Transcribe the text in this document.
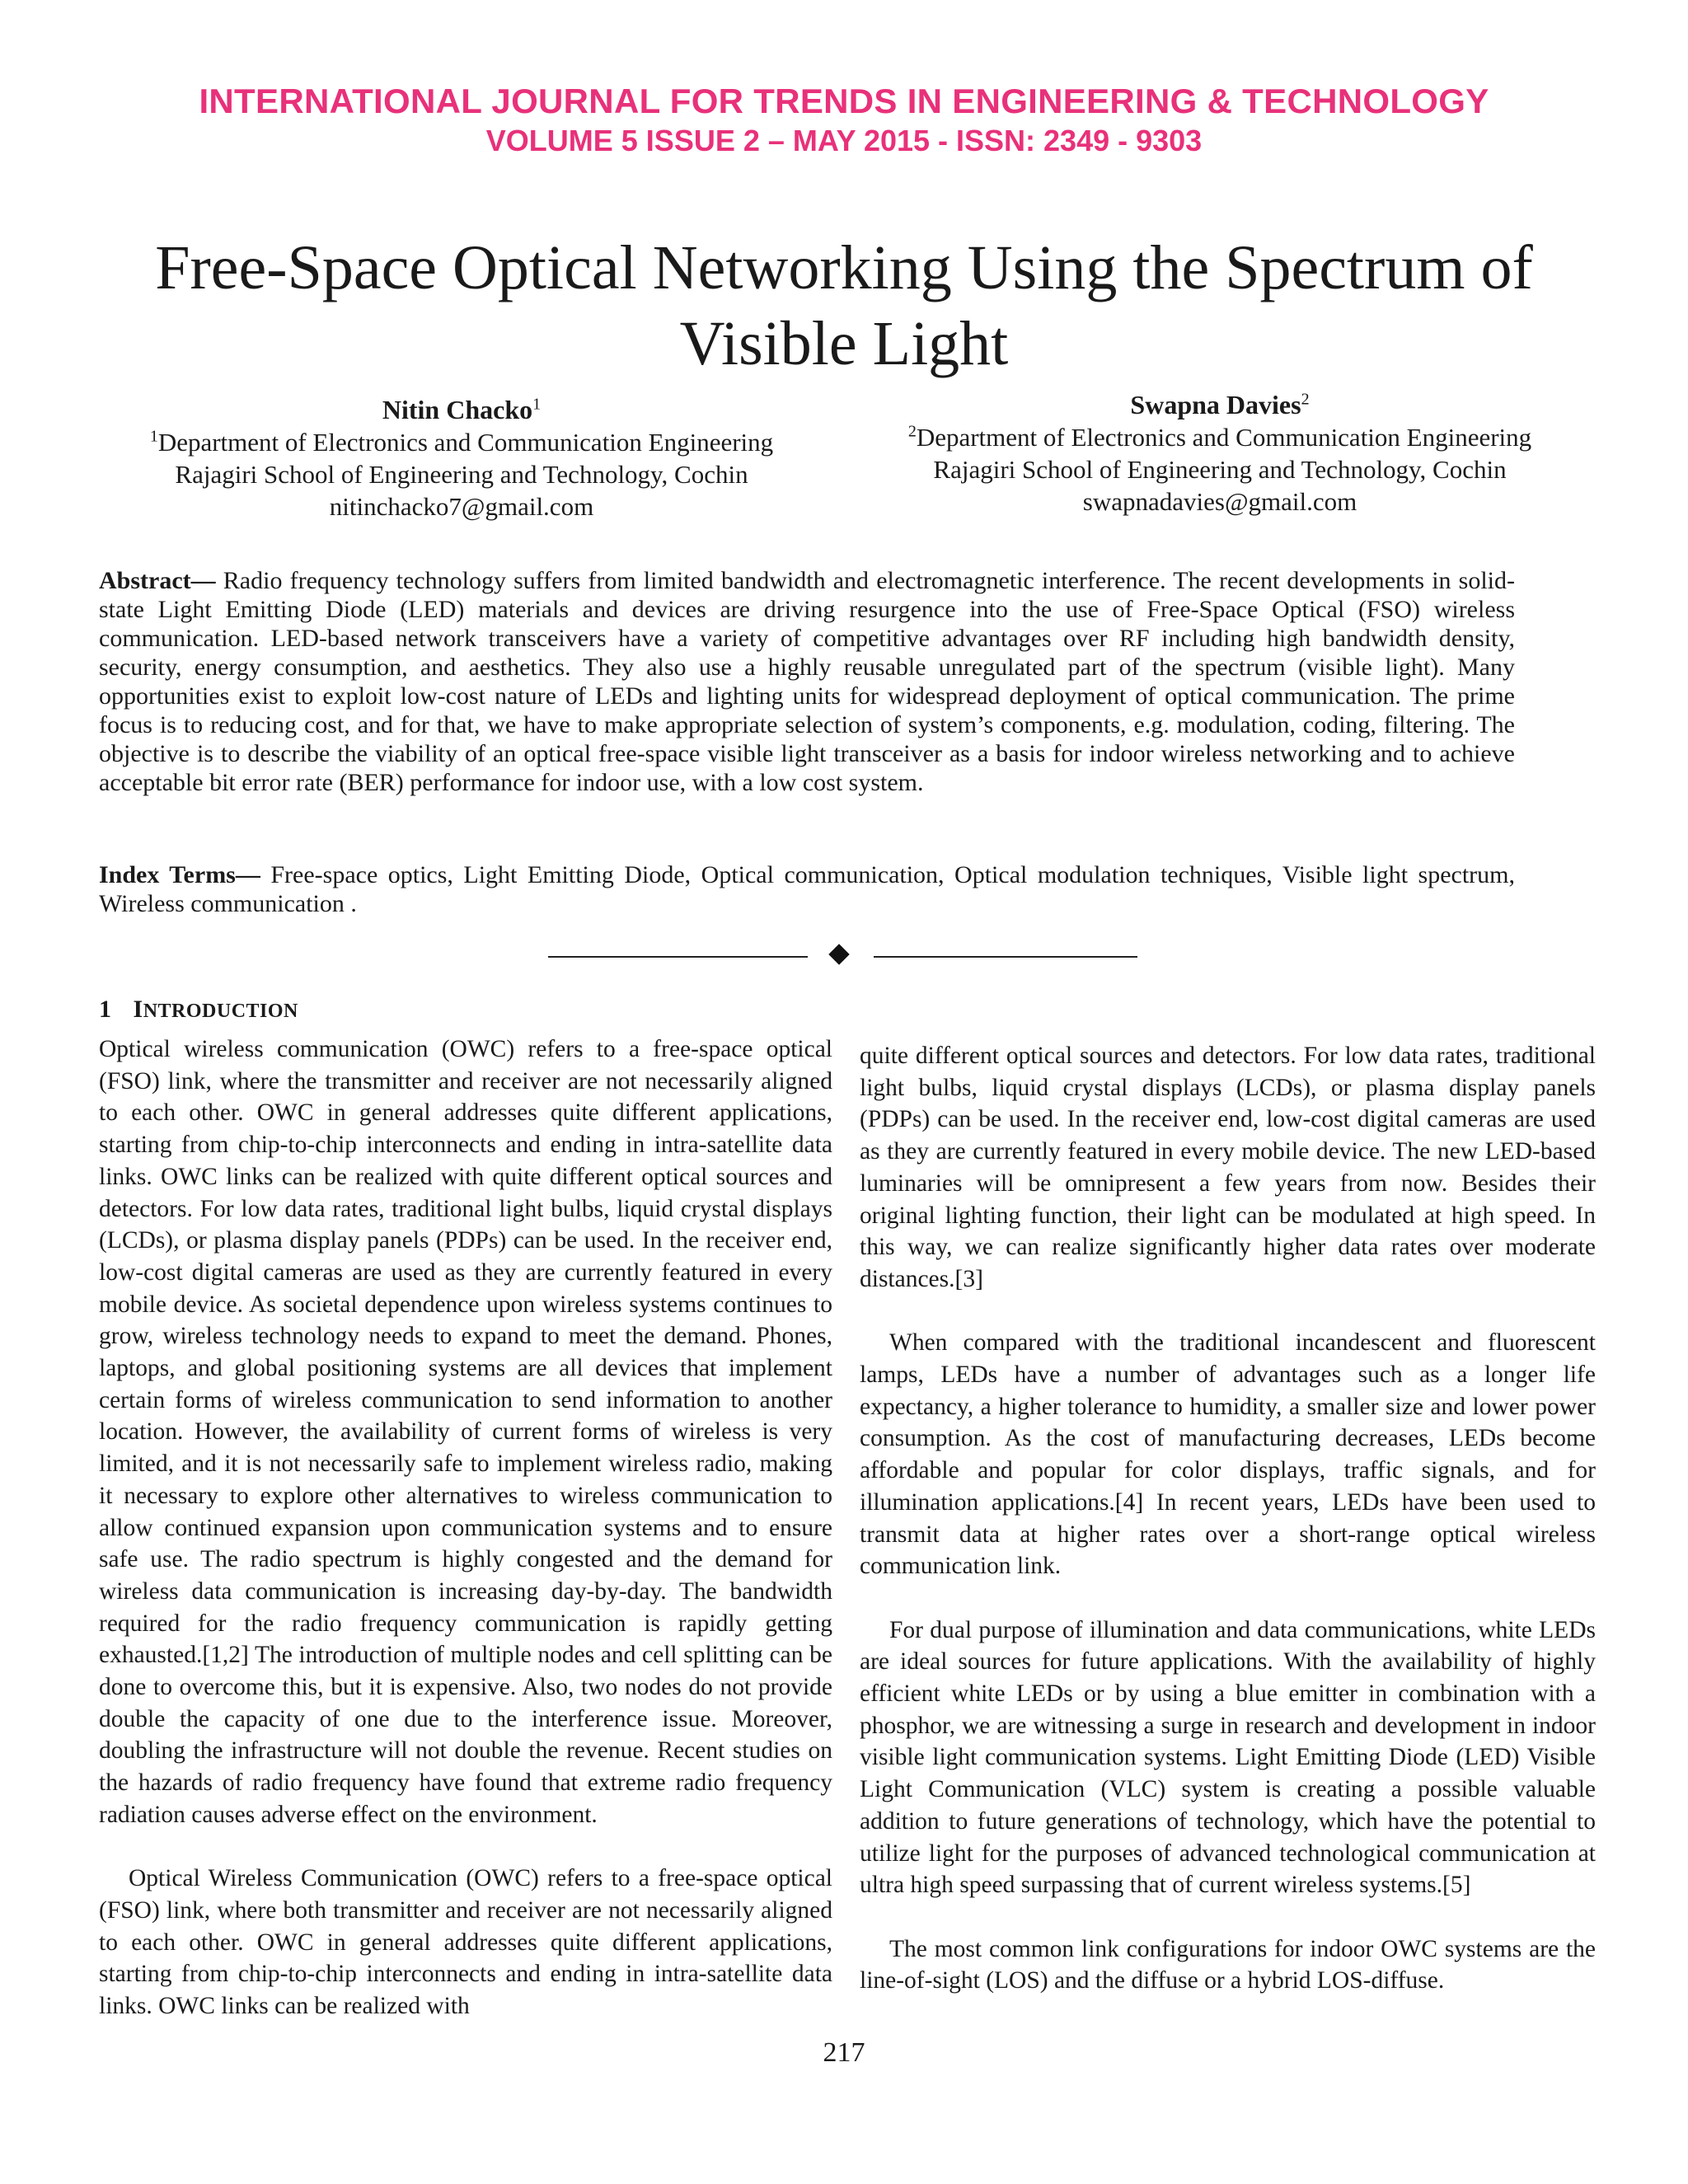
INTERNATIONAL JOURNAL FOR TRENDS IN ENGINEERING & TECHNOLOGY
VOLUME 5 ISSUE 2 – MAY 2015 - ISSN: 2349 - 9303
Free-Space Optical Networking Using the Spectrum of Visible Light
Nitin Chacko$^1$
$^1$Department of Electronics and Communication Engineering
Rajagiri School of Engineering and Technology, Cochin
nitinchacko7@gmail.com
Swapna Davies$^2$
$^2$Department of Electronics and Communication Engineering
Rajagiri School of Engineering and Technology, Cochin
swapnadavies@gmail.com
Abstract— Radio frequency technology suffers from limited bandwidth and electromagnetic interference. The recent developments in solid-state Light Emitting Diode (LED) materials and devices are driving resurgence into the use of Free-Space Optical (FSO) wireless communication. LED-based network transceivers have a variety of competitive advantages over RF including high bandwidth density, security, energy consumption, and aesthetics. They also use a highly reusable unregulated part of the spectrum (visible light). Many opportunities exist to exploit low-cost nature of LEDs and lighting units for widespread deployment of optical communication. The prime focus is to reducing cost, and for that, we have to make appropriate selection of system’s components, e.g. modulation, coding, filtering. The objective is to describe the viability of an optical free-space visible light transceiver as a basis for indoor wireless networking and to achieve acceptable bit error rate (BER) performance for indoor use, with a low cost system.
Index Terms— Free-space optics, Light Emitting Diode, Optical communication, Optical modulation techniques, Visible light spectrum, Wireless communication .
1 INTRODUCTION

Optical wireless communication (OWC) refers to a free-space optical (FSO) link, where the transmitter and receiver are not necessarily aligned to each other. OWC in general addresses quite different applications, starting from chip-to-chip interconnects and ending in intra-satellite data links. OWC links can be realized with quite different optical sources and detectors. For low data rates, traditional light bulbs, liquid crystal displays (LCDs), or plasma display panels (PDPs) can be used. In the receiver end, low-cost digital cameras are used as they are currently featured in every mobile device. As societal dependence upon wireless systems continues to grow, wireless technology needs to expand to meet the demand. Phones, laptops, and global positioning systems are all devices that implement certain forms of wireless communication to send information to another location. However, the availability of current forms of wireless is very limited, and it is not necessarily safe to implement wireless radio, making it necessary to explore other alternatives to wireless communication to allow continued expansion upon communication systems and to ensure safe use. The radio spectrum is highly congested and the demand for wireless data communication is increasing day-by-day. The bandwidth required for the radio frequency communication is rapidly getting exhausted.[1,2] The introduction of multiple nodes and cell splitting can be done to overcome this, but it is expensive. Also, two nodes do not provide double the capacity of one due to the interference issue. Moreover, doubling the infrastructure will not double the revenue. Recent studies on the hazards of radio frequency have found that extreme radio frequency radiation causes adverse effect on the environment.

Optical Wireless Communication (OWC) refers to a free-space optical (FSO) link, where both transmitter and receiver are not necessarily aligned to each other. OWC in general addresses quite different applications, starting from chip-to-chip interconnects and ending in intra-satellite data links. OWC links can be realized with

quite different optical sources and detectors. For low data rates, traditional light bulbs, liquid crystal displays (LCDs), or plasma display panels (PDPs) can be used. In the receiver end, low-cost digital cameras are used as they are currently featured in every mobile device. The new LED-based luminaries will be omnipresent a few years from now. Besides their original lighting function, their light can be modulated at high speed. In this way, we can realize significantly higher data rates over moderate distances.[3]

When compared with the traditional incandescent and fluorescent lamps, LEDs have a number of advantages such as a longer life expectancy, a higher tolerance to humidity, a smaller size and lower power consumption. As the cost of manufacturing decreases, LEDs become affordable and popular for color displays, traffic signals, and for illumination applications.[4] In recent years, LEDs have been used to transmit data at higher rates over a short-range optical wireless communication link.

For dual purpose of illumination and data communications, white LEDs are ideal sources for future applications. With the availability of highly efficient white LEDs or by using a blue emitter in combination with a phosphor, we are witnessing a surge in research and development in indoor visible light communication systems. Light Emitting Diode (LED) Visible Light Communication (VLC) system is creating a possible valuable addition to future generations of technology, which have the potential to utilize light for the purposes of advanced technological communication at ultra high speed surpassing that of current wireless systems.[5]

The most common link configurations for indoor OWC systems are the line-of-sight (LOS) and the diffuse or a hybrid LOS-diffuse.

217
